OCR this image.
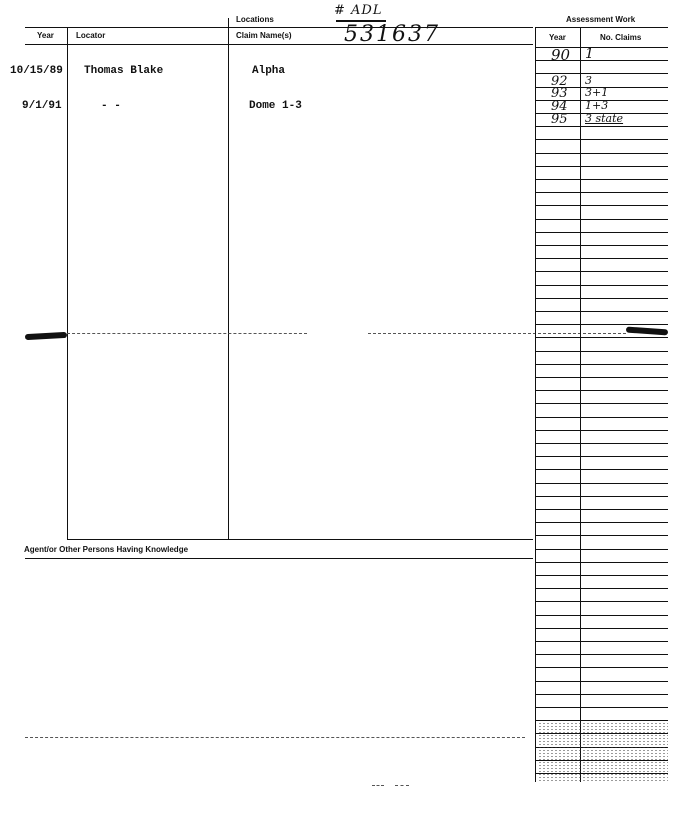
Year	Locator
Locations
Claim Name(s)
# ADL
531637
10/15/89 Thomas Blake	Alpha
9/1/91	- -	Dome 1-3
Agent/or Other Persons Having Knowledge
Assessment Work
Year	No. Claims
90 1
92 3
93 3+1
94 1+3
95 3 state
